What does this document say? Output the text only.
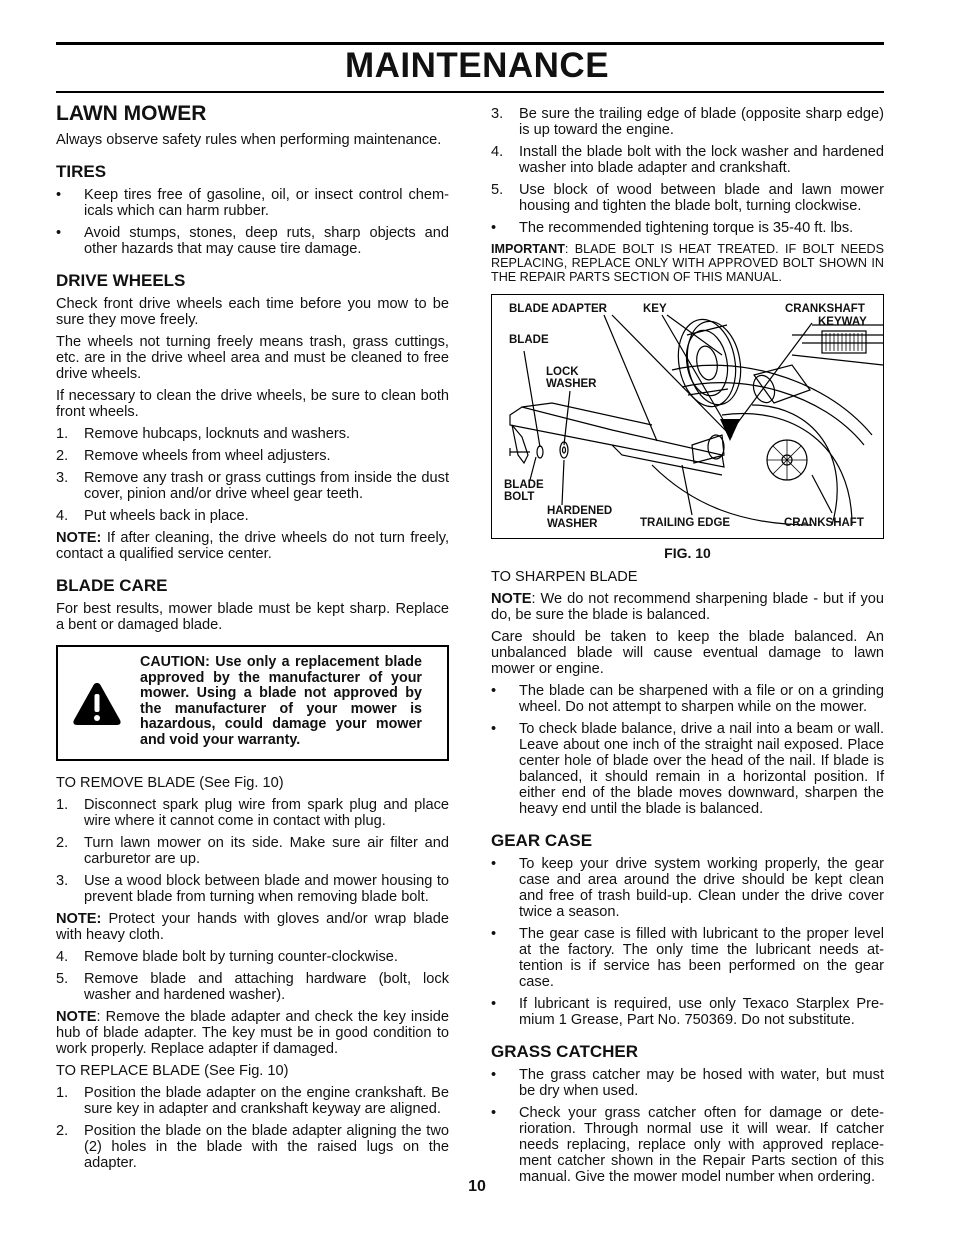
MAINTENANCE
LAWN MOWER

Always observe safety rules when performing maintenance.

TIRES
• Keep tires free of gasoline, oil, or insect control chem-icals which can harm rubber.
• Avoid stumps, stones, deep ruts, sharp objects and other hazards that may cause tire damage.
DRIVE WHEELS

Check front drive wheels each time before you mow to be sure they move freely.

The wheels not turning freely means trash, grass cuttings, etc. are in the drive wheel area and must be cleaned to free drive wheels.

If necessary to clean the drive wheels, be sure to clean both front wheels.

1. Remove hubcaps, locknuts and washers.
2. Remove wheels from wheel adjusters.
3. Remove any trash or grass cuttings from inside the dust cover, pinion and/or drive wheel gear teeth.
4. Put wheels back in place.

NOTE: If after cleaning, the drive wheels do not turn freely, contact a qualified service center.

BLADE CARE

For best results, mower blade must be kept sharp. Replace a bent or damaged blade.

CAUTION: Use only a replacement blade approved by the manufacturer of your mower. Using a blade not approved by the manufacturer of your mower is hazardous, could damage your mower and void your warranty.

TO REMOVE BLADE (See Fig. 10)

1. Disconnect spark plug wire from spark plug and place wire where it cannot come in contact with plug.
2. Turn lawn mower on its side. Make sure air filter and carburetor are up.
3. Use a wood block between blade and mower housing to prevent blade from turning when removing blade bolt.

NOTE: Protect your hands with gloves and/or wrap blade with heavy cloth.

4. Remove blade bolt by turning counter-clockwise.
5. Remove blade and attaching hardware (bolt, lock washer and hardened washer).

NOTE: Remove the blade adapter and check the key inside hub of blade adapter. The key must be in good condition to work properly. Replace adapter if damaged.

TO REPLACE BLADE (See Fig. 10)

1. Position the blade adapter on the engine crankshaft. Be sure key in adapter and crankshaft keyway are aligned.
2. Position the blade on the blade adapter aligning the two (2) holes in the blade with the raised lugs on the adapter.
3. Be sure the trailing edge of blade (opposite sharp edge) is up toward the engine.
4. Install the blade bolt with the lock washer and hardened washer into blade adapter and crankshaft.
5. Use block of wood between blade and lawn mower housing and tighten the blade bolt, turning clockwise.
• The recommended tightening torque is 35-40 ft. lbs.
IMPORTANT: BLADE BOLT IS HEAT TREATED. IF BOLT NEEDS REPLACING, REPLACE ONLY WITH APPROVED BOLT SHOWN IN THE REPAIR PARTS SECTION OF THIS MANUAL.
BLADE ADAPTER	KEY	CRANKSHAFT
KEYWAY
BLADE
LOCK
WASHER
BLADE
BOLT
HARDENED
WASHER	TRAILING EDGE	CRANKSHAFT
FIG. 10

TO SHARPEN BLADE

NOTE: We do not recommend sharpening blade - but if you do, be sure the blade is balanced.

Care should be taken to keep the blade balanced. An unbalanced blade will cause eventual damage to lawn mower or engine.

• The blade can be sharpened with a file or on a grinding wheel. Do not attempt to sharpen while on the mower.
• To check blade balance, drive a nail into a beam or wall. Leave about one inch of the straight nail exposed. Place center hole of blade over the head of the nail. If blade is balanced, it should remain in a horizontal position. If either end of the blade moves downward, sharpen the heavy end until the blade is balanced.
GEAR CASE
• To keep your drive system working properly, the gear case and area around the drive should be kept clean and free of trash build-up. Clean under the drive cover twice a season.
• The gear case is filled with lubricant to the proper level at the factory. The only time the lubricant needs at-tention is if service has been performed on the gear case.
• If lubricant is required, use only Texaco Starplex Pre-mium 1 Grease, Part No. 750369. Do not substitute.
GRASS CATCHER
• The grass catcher may be hosed with water, but must be dry when used.
• Check your grass catcher often for damage or dete-rioration. Through normal use it will wear. If catcher needs replacing, replace only with approved replace-ment catcher shown in the Repair Parts section of this manual. Give the mower model number when ordering.
10
